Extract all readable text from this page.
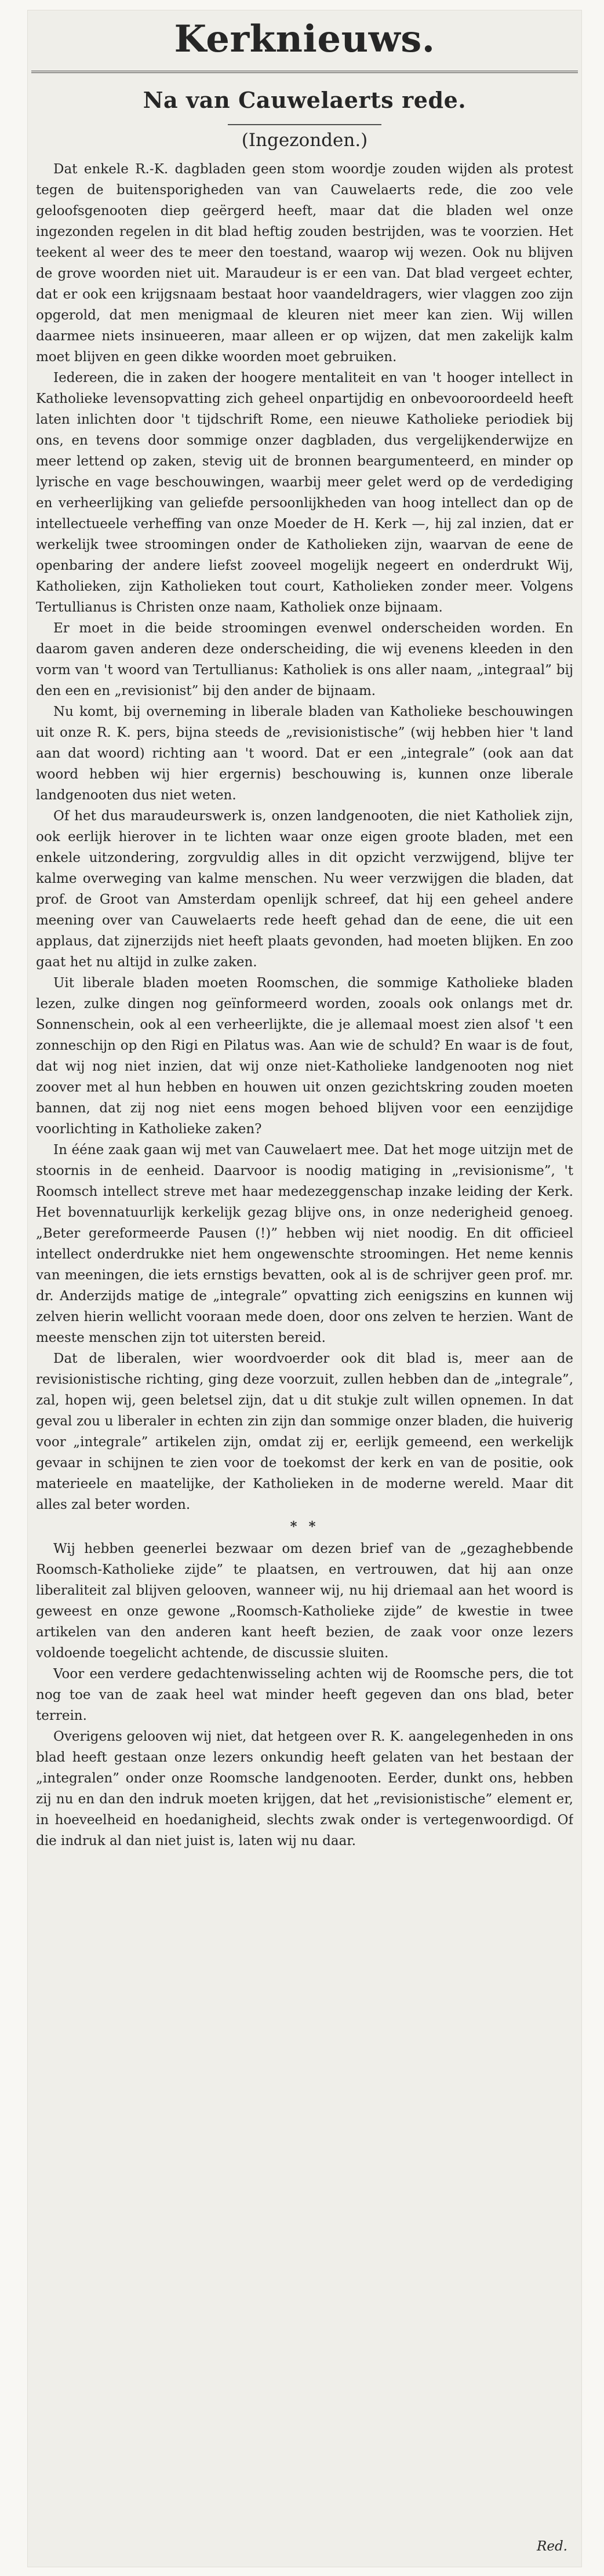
Kerknieuws.
Na van Cauwelaerts rede.
(Ingezonden.)

Dat enkele R.-K. dagbladen geen stom woordje zouden wijden als protest tegen de buitensporigheden van van Cauwelaerts rede, die zoo vele geloofsgenooten diep geërgerd heeft, maar dat die bladen wel onze ingezonden regelen in dit blad heftig zouden bestrijden, was te voorzien. Het teekent al weer des te meer den toestand, waarop wij wezen. Ook nu blijven de grove woorden niet uit. Maraudeur is er een van. Dat blad vergeet echter, dat er ook een krijgsnaam bestaat hoor vaandeldragers, wier vlaggen zoo zijn opgerold, dat men menigmaal de kleuren niet meer kan zien. Wij willen daarmee niets insinueeren, maar alleen er op wijzen, dat men zakelijk kalm moet blijven en geen dikke woorden moet gebruiken.

Iedereen, die in zaken der hoogere mentaliteit en van 't hooger intellect in Katholieke levensopvatting zich geheel onpartijdig en onbevooroordeeld heeft laten inlichten door 't tijdschrift Rome, een nieuwe Katholieke periodiek bij ons, en tevens door sommige onzer dagbladen, dus vergelijkenderwijze en meer lettend op zaken, stevig uit de bronnen beargumenteerd, en minder op lyrische en vage beschouwingen, waarbij meer gelet werd op de verdediging en verheerlijking van geliefde persoonlijkheden van hoog intellect dan op de intellectueele verheffing van onze Moeder de H. Kerk —, hij zal inzien, dat er werkelijk twee stroomingen onder de Katholieken zijn, waarvan de eene de openbaring der andere liefst zooveel mogelijk negeert en onderdrukt Wij, Katholieken, zijn Katholieken tout court, Katholieken zonder meer. Volgens Tertullianus is Christen onze naam, Katholiek onze bijnaam.

Er moet in die beide stroomingen evenwel onderscheiden worden. En daarom gaven anderen deze onderscheiding, die wij evenens kleeden in den vorm van 't woord van Tertullianus: Katholiek is ons aller naam, „integraal” bij den een en „revisionist” bij den ander de bijnaam.

Nu komt, bij overneming in liberale bladen van Katholieke beschouwingen uit onze R. K. pers, bijna steeds de „revisionistische” (wij hebben hier 't land aan dat woord) richting aan 't woord. Dat er een „integrale” (ook aan dat woord hebben wij hier ergernis) beschouwing is, kunnen onze liberale landgenooten dus niet weten.

Of het dus maraudeurswerk is, onzen landgenooten, die niet Katholiek zijn, ook eerlijk hierover in te lichten waar onze eigen groote bladen, met een enkele uitzondering, zorgvuldig alles in dit opzicht verzwijgend, blijve ter kalme overweging van kalme menschen. Nu weer verzwijgen die bladen, dat prof. de Groot van Amsterdam openlijk schreef, dat hij een geheel andere meening over van Cauwelaerts rede heeft gehad dan de eene, die uit een applaus, dat zijnerzijds niet heeft plaats gevonden, had moeten blijken. En zoo gaat het nu altijd in zulke zaken.

Uit liberale bladen moeten Roomschen, die sommige Katholieke bladen lezen, zulke dingen nog geïnformeerd worden, zooals ook onlangs met dr. Sonnenschein, ook al een verheerlijkte, die je allemaal moest zien alsof 't een zonneschijn op den Rigi en Pilatus was. Aan wie de schuld? En waar is de fout, dat wij nog niet inzien, dat wij onze niet-Katholieke landgenooten nog niet zoover met al hun hebben en houwen uit onzen gezichtskring zouden moeten bannen, dat zij nog niet eens mogen behoed blijven voor een eenzijdige voorlichting in Katholieke zaken?

In ééne zaak gaan wij met van Cauwelaert mee. Dat het moge uitzijn met de stoornis in de eenheid. Daarvoor is noodig matiging in „revisionisme”, 't Roomsch intellect streve met haar medezeggenschap inzake leiding der Kerk. Het bovennatuurlijk kerkelijk gezag blijve ons, in onze nederigheid genoeg. „Beter gereformeerde Pausen (!)” hebben wij niet noodig. En dit officieel intellect onderdrukke niet hem ongewenschte stroomingen. Het neme kennis van meeningen, die iets ernstigs bevatten, ook al is de schrijver geen prof. mr. dr. Anderzijds matige de „integrale” opvatting zich eenigszins en kunnen wij zelven hierin wellicht vooraan mede doen, door ons zelven te herzien. Want de meeste menschen zijn tot uitersten bereid.

Dat de liberalen, wier woordvoerder ook dit blad is, meer aan de revisionistische richting, ging deze voorzuit, zullen hebben dan de „integrale”, zal, hopen wij, geen beletsel zijn, dat u dit stukje zult willen opnemen. In dat geval zou u liberaler in echten zin zijn dan sommige onzer bladen, die huiverig voor „integrale” artikelen zijn, omdat zij er, eerlijk gemeend, een werkelijk gevaar in schijnen te zien voor de toekomst der kerk en van de positie, ook materieele en maatelijke, der Katholieken in de moderne wereld. Maar dit alles zal beter worden.

* *

Wij hebben geenerlei bezwaar om dezen brief van de „gezaghebbende Roomsch-Katholieke zijde” te plaatsen, en vertrouwen, dat hij aan onze liberaliteit zal blijven gelooven, wanneer wij, nu hij driemaal aan het woord is geweest en onze gewone „Roomsch-Katholieke zijde” de kwestie in twee artikelen van den anderen kant heeft bezien, de zaak voor onze lezers voldoende toegelicht achtende, de discussie sluiten.

Voor een verdere gedachtenwisseling achten wij de Roomsche pers, die tot nog toe van de zaak heel wat minder heeft gegeven dan ons blad, beter terrein.

Overigens gelooven wij niet, dat hetgeen over R. K. aangelegenheden in ons blad heeft gestaan onze lezers onkundig heeft gelaten van het bestaan der „integralen” onder onze Roomsche landgenooten. Eerder, dunkt ons, hebben zij nu en dan den indruk moeten krijgen, dat het „revisionistische” element er, in hoeveelheid en hoedanigheid, slechts zwak onder is vertegenwoordigd. Of die indruk al dan niet juist is, laten wij nu daar.

Red.
